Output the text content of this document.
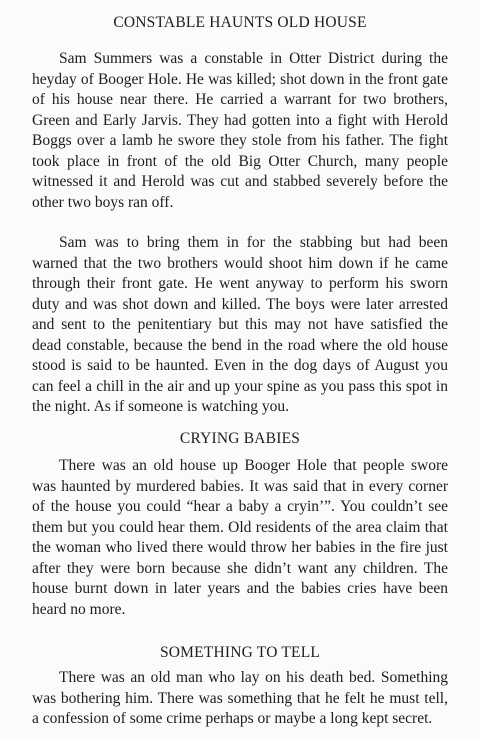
CONSTABLE HAUNTS OLD HOUSE

Sam Summers was a constable in Otter District during the heyday of Booger Hole. He was killed; shot down in the front gate of his house near there. He carried a warrant for two brothers, Green and Early Jarvis. They had gotten into a fight with Herold Boggs over a lamb he swore they stole from his father. The fight took place in front of the old Big Otter Church, many people witnessed it and Herold was cut and stabbed severely before the other two boys ran off.

Sam was to bring them in for the stabbing but had been warned that the two brothers would shoot him down if he came through their front gate. He went anyway to perform his sworn duty and was shot down and killed. The boys were later arrested and sent to the penitentiary but this may not have satisfied the dead constable, because the bend in the road where the old house stood is said to be haunted. Even in the dog days of August you can feel a chill in the air and up your spine as you pass this spot in the night. As if someone is watching you.

CRYING BABIES

There was an old house up Booger Hole that people swore was haunted by murdered babies. It was said that in every corner of the house you could “hear a baby a cryin’”. You couldn’t see them but you could hear them. Old residents of the area claim that the woman who lived there would throw her babies in the fire just after they were born because she didn’t want any children. The house burnt down in later years and the babies cries have been heard no more.

SOMETHING TO TELL

There was an old man who lay on his death bed. Something was bothering him. There was something that he felt he must tell, a confession of some crime perhaps or maybe a long kept secret.
